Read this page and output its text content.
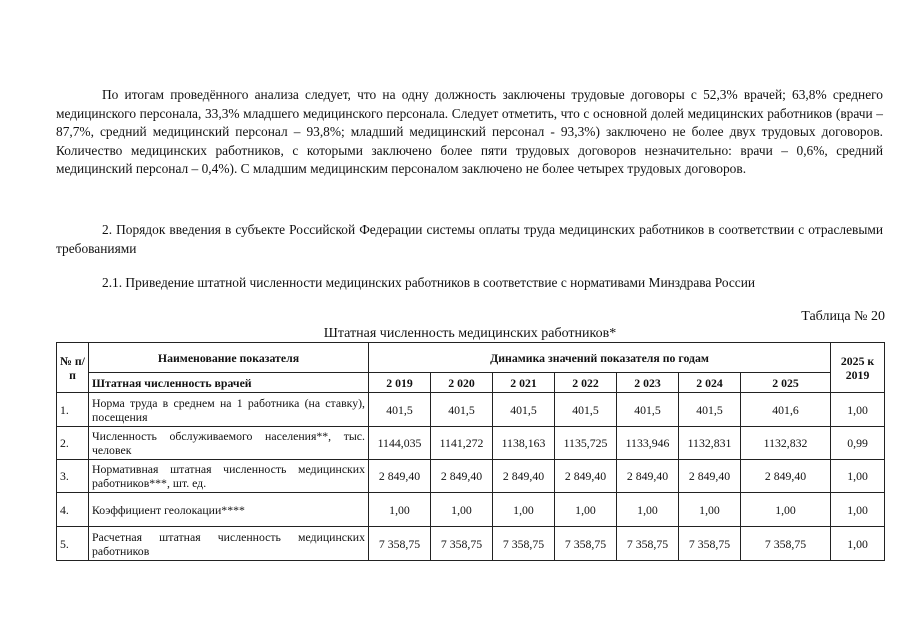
По итогам проведённого анализа следует, что на одну должность заключены трудовые договоры с 52,3% врачей; 63,8% среднего медицинского персонала, 33,3% младшего медицинского персонала. Следует отметить, что с основной долей медицинских работников (врачи – 87,7%, средний медицинский персонал – 93,8%; младший медицинский персонал - 93,3%) заключено не более двух трудовых договоров. Количество медицинских работников, с которыми заключено более пяти трудовых договоров незначительно: врачи – 0,6%, средний медицинский персонал – 0,4%). С младшим медицинским персоналом заключено не более четырех трудовых договоров.

2. Порядок введения в субъекте Российской Федерации системы оплаты труда медицинских работников в соответствии с отраслевыми требованиями

2.1. Приведение штатной численности медицинских работников в соответствие с нормативами Минздрава России

Таблица № 20
Штатная численность медицинских работников*
№ п/п	Наименование показателя	Динамика значений показателя по годам							2025 к 2019
	Штатная численность врачей	2 019	2 020	2 021	2 022	2 023	2 024	2 025	
1.	Норма труда в среднем на 1 работника (на ставку), посещения	401,5	401,5	401,5	401,5	401,5	401,5	401,6	1,00
2.	Численность обслуживаемого населения**, тыс. человек	1144,035	1141,272	1138,163	1135,725	1133,946	1132,831	1132,832	0,99
3.	Нормативная штатная численность медицинских работников***, шт. ед.	2 849,40	2 849,40	2 849,40	2 849,40	2 849,40	2 849,40	2 849,40	1,00
4.	Коэффициент геолокации****	1,00	1,00	1,00	1,00	1,00	1,00	1,00	1,00
5.	Расчетная штатная численность медицинских работников	7 358,75	7 358,75	7 358,75	7 358,75	7 358,75	7 358,75	7 358,75	1,00
